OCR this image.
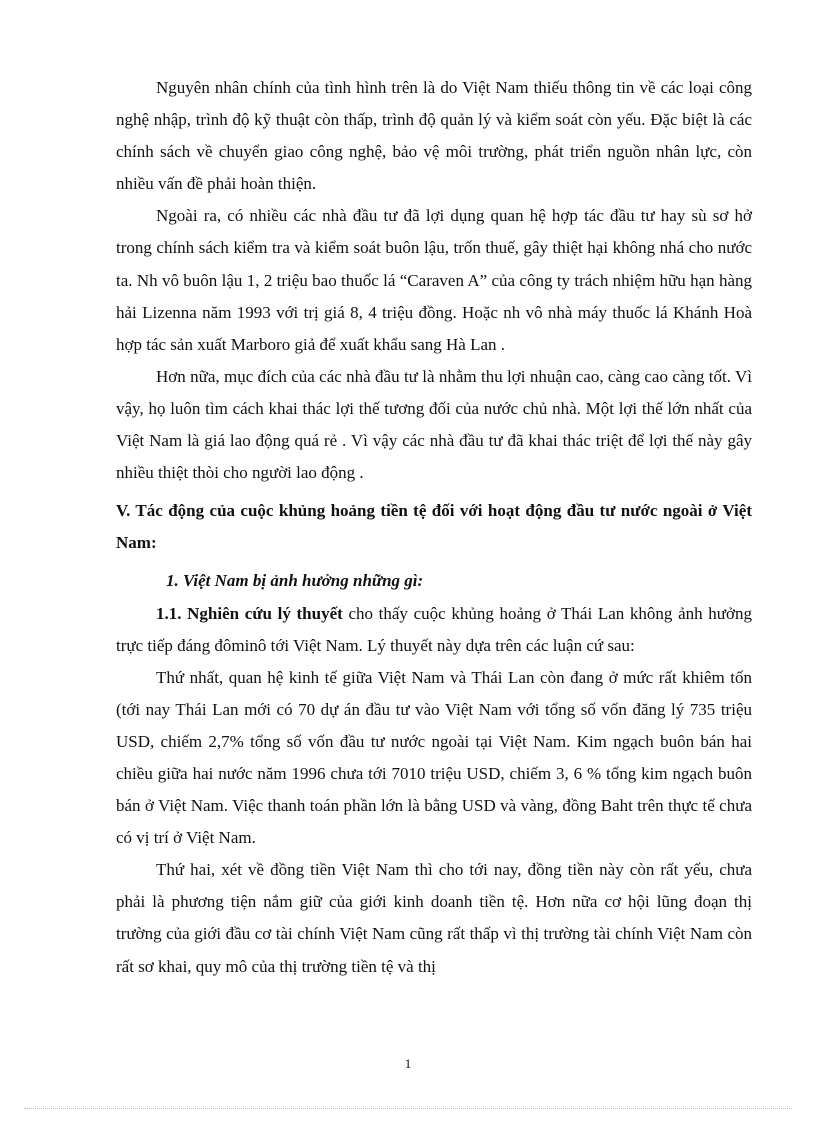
Nguyên nhân chính của tình hình trên là do Việt Nam thiếu thông tin về các loại công nghệ nhập, trình độ kỹ thuật còn thấp, trình độ quản lý và kiểm soát còn yếu. Đặc biệt là các chính sách về chuyển giao công nghệ, bảo vệ môi trường, phát triển nguồn nhân lực, còn nhiều vấn đề phải hoàn thiện.

Ngoài ra, có nhiều các nhà đầu tư đã lợi dụng quan hệ hợp tác đầu tư hay sù sơ hở trong chính sách kiểm tra và kiểm soát buôn lậu, trốn thuế, gây thiệt hại không nhá cho nước ta. Nh vô buôn lậu 1, 2 triệu bao thuốc lá “Caraven A” của công ty trách nhiệm hữu hạn hàng hải Lizenna năm 1993 với trị giá 8, 4 triệu đồng. Hoặc nh vô nhà máy thuốc lá Khánh Hoà hợp tác sản xuất Marboro giả để xuất khẩu sang Hà Lan .

Hơn nữa, mục đích của các nhà đầu tư là nhằm thu lợi nhuận cao, càng cao càng tốt. Vì vậy, họ luôn tìm cách khai thác lợi thế tương đối của nước chủ nhà. Một lợi thế lớn nhất của Việt Nam là giá lao động quá rẻ . Vì vậy các nhà đầu tư đã khai thác triệt để lợi thế này gây nhiều thiệt thòi cho người lao động .

V. Tác động của cuộc khủng hoảng tiền tệ đối với hoạt động đầu tư nước ngoài ở Việt Nam:

1. Việt Nam bị ảnh hưởng những gì:

1.1. Nghiên cứu lý thuyết cho thấy cuộc khủng hoảng ở Thái Lan không ảnh hưởng trực tiếp đáng đôminô tới Việt Nam. Lý thuyết này dựa trên các luận cứ sau:

Thứ nhất, quan hệ kinh tế giữa Việt Nam và Thái Lan còn đang ở mức rất khiêm tốn (tới nay Thái Lan mới có 70 dự án đầu tư vào Việt Nam với tổng số vốn đăng lý 735 triệu USD, chiếm 2,7% tổng số vốn đầu tư nước ngoài tại Việt Nam. Kim ngạch buôn bán hai chiều giữa hai nước năm 1996 chưa tới 7010 triệu USD, chiếm 3, 6 % tổng kim ngạch buôn bán ở Việt Nam. Việc thanh toán phần lớn là bằng USD và vàng, đồng Baht trên thực tế chưa có vị trí ở Việt Nam.

Thứ hai, xét về đồng tiền Việt Nam thì cho tới nay, đồng tiền này còn rất yếu, chưa phải là phương tiện nắm giữ của giới kinh doanh tiền tệ. Hơn nữa cơ hội lũng đoạn thị trường của giới đầu cơ tài chính Việt Nam cũng rất thấp vì thị trường tài chính Việt Nam còn rất sơ khai, quy mô của thị trường tiền tệ và thị

1
